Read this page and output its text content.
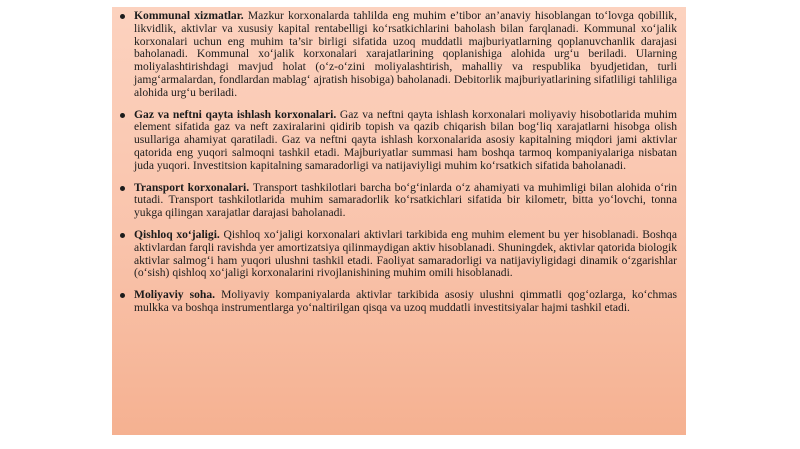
Kommunal xizmatlar. Mazkur korxonalarda tahlilda eng muhim e’tibor an’anaviy hisoblangan to‘lovga qobillik, likvidlik, aktivlar va xususiy kapital rentabelligi ko‘rsatkichlarini baholash bilan farqlanadi. Kommunal xo‘jalik korxonalari uchun eng muhim ta’sir birligi sifatida uzoq muddatli majburiyatlarning qoplanuvchanlik darajasi baholanadi. Kommunal xo‘jalik korxonalari xarajatlarining qoplanishiga alohida urg‘u beriladi. Ularning moliyalashtirishdagi mavjud holat (o‘z-o‘zini moliyalashtirish, mahalliy va respublika byudjetidan, turli jamg‘armalardan, fondlardan mablag‘ ajratish hisobiga) baholanadi. Debitorlik majburiyatlarining sifatliligi tahliliga alohida urg‘u beriladi.
Gaz va neftni qayta ishlash korxonalari. Gaz va neftni qayta ishlash korxonalari moliyaviy hisobotlarida muhim element sifatida gaz va neft zaxiralarini qidirib topish va qazib chiqarish bilan bog‘liq xarajatlarni hisobga olish usullariga ahamiyat qaratiladi. Gaz va neftni qayta ishlash korxonalarida asosiy kapitalning miqdori jami aktivlar qatorida eng yuqori salmoqni tashkil etadi. Majburiyatlar summasi ham boshqa tarmoq kompaniyalariga nisbatan juda yuqori. Investitsion kapitalning samaradorligi va natijaviyligi muhim ko‘rsatkich sifatida baholanadi.
Transport korxonalari. Transport tashkilotlari barcha bo‘g‘inlarda o‘z ahamiyati va muhimligi bilan alohida o‘rin tutadi. Transport tashkilotlarida muhim samaradorlik ko‘rsatkichlari sifatida bir kilometr, bitta yo‘lovchi, tonna yukga qilingan xarajatlar darajasi baholanadi.
Qishloq xo‘jaligi. Qishloq xo‘jaligi korxonalari aktivlari tarkibida eng muhim element bu yer hisoblanadi. Boshqa aktivlardan farqli ravishda yer amortizatsiya qilinmaydigan aktiv hisoblanadi. Shuningdek, aktivlar qatorida biologik aktivlar salmog‘i ham yuqori ulushni tashkil etadi. Faoliyat samaradorligi va natijaviyligidagi dinamik o‘zgarishlar (o‘sish) qishloq xo‘jaligi korxonalarini rivojlanishining muhim omili hisoblanadi.
Moliyaviy soha. Moliyaviy kompaniyalarda aktivlar tarkibida asosiy ulushni qimmatli qog‘ozlarga, ko‘chmas mulkka va boshqa instrumentlarga yo‘naltirilgan qisqa va uzoq muddatli investitsiyalar hajmi tashkil etadi.
